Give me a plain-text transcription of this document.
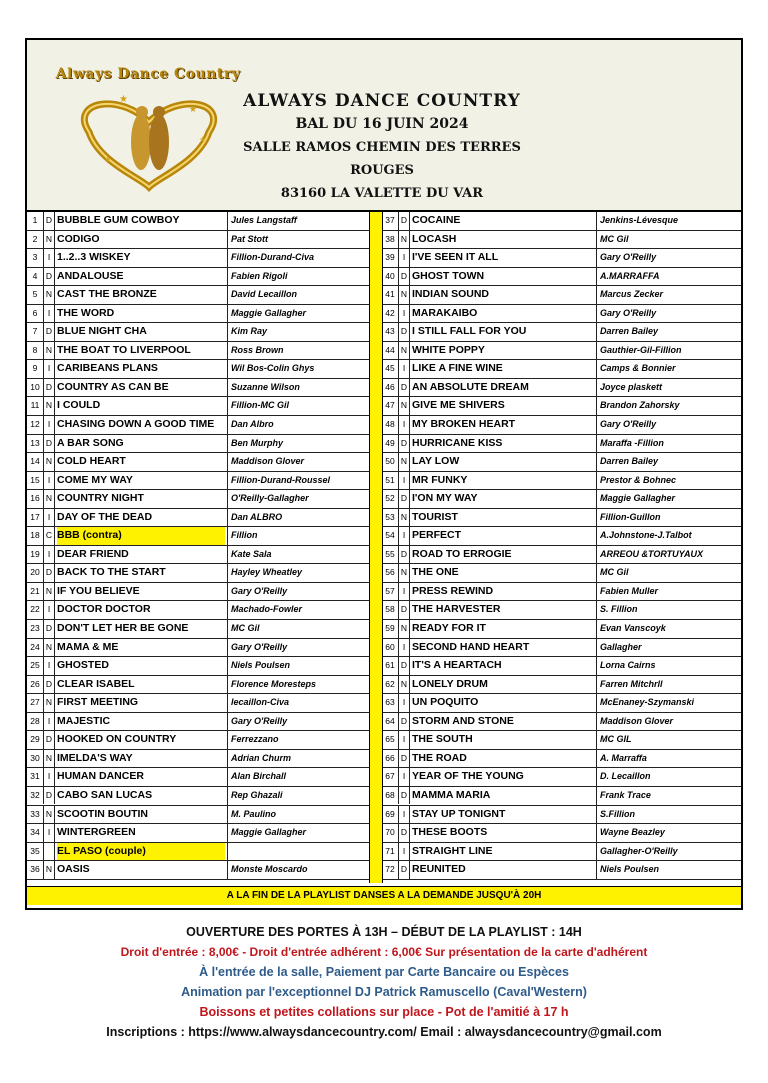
Always Dance Country
★
★
★
★
ALWAYS DANCE COUNTRY
BAL DU 16 JUIN 2024
SALLE RAMOS CHEMIN DES TERRES ROUGES
83160 LA VALETTE DU VAR
1	D BUBBLE GUM COWBOY	Jules Langstaff
2	N CODIGO	Pat Stott
3	I 1..2..3 WISKEY	Fillion-Durand-Civa
4	D ANDALOUSE	Fabien Rigoli
5	N CAST THE BRONZE	David Lecaillon
6	I THE WORD	Maggie Gallagher
7	D BLUE NIGHT CHA	Kim Ray
8	N THE BOAT TO LIVERPOOL	Ross Brown
9	I CARIBEANS PLANS	Wil Bos-Colin Ghys
10 D COUNTRY AS CAN BE	Suzanne Wilson
11 N I COULD	Fillion-MC Gil
12 I CHASING DOWN A GOOD TIME	Dan Albro
13 D A BAR SONG	Ben Murphy
14 N COLD HEART	Maddison Glover
15 I COME MY WAY	Fillion-Durand-Roussel
16 N COUNTRY NIGHT	O'Reilly-Gallagher
17 I DAY OF THE DEAD	Dan ALBRO
18 C BBB (contra)	Fillion
19 I DEAR FRIEND	Kate Sala
20 D BACK TO THE START	Hayley Wheatley
21 N IF YOU BELIEVE	Gary O'Reilly
22 I DOCTOR DOCTOR	Machado-Fowler
23 D DON'T LET HER BE GONE	MC Gil
24 N MAMA & ME	Gary O'Reilly
25 I GHOSTED	Niels Poulsen
26 D CLEAR ISABEL	Florence Moresteps
27 N FIRST MEETING	lecaillon-Civa
28 I MAJESTIC	Gary O'Reilly
29 D HOOKED ON COUNTRY	Ferrezzano
30 N IMELDA'S WAY	Adrian Churm
31 I HUMAN DANCER	Alan Birchall
32 D CABO SAN LUCAS	Rep Ghazali
33 N SCOOTIN BOUTIN	M. Paulino
34 I WINTERGREEN	Maggie Gallagher
35	EL PASO (couple)
36 N OASIS	Monste Moscardo
37 D COCAINE	Jenkins-Lévesque
38 N LOCASH	MC Gil
39 I I'VE SEEN IT ALL	Gary O'Reilly
40 D GHOST TOWN	A.MARRAFFA
41 N INDIAN SOUND	Marcus Zecker
42 I MARAKAIBO	Gary O'Reilly
43 D I STILL FALL FOR YOU	Darren Bailey
44 N WHITE POPPY	Gauthier-Gil-Fillion
45 I LIKE A FINE WINE	Camps & Bonnier
46 D AN ABSOLUTE DREAM	Joyce plaskett
47 N GIVE ME SHIVERS	Brandon Zahorsky
48 I MY BROKEN HEART	Gary O'Reilly
49 D HURRICANE KISS	Maraffa -Fillion
50 N LAY LOW	Darren Bailey
51 I MR FUNKY	Prestor & Bohnec
52 D I'ON MY WAY	Maggie Gallagher
53 N TOURIST	Fillion-Guillon
54 I PERFECT	A.Johnstone-J.Talbot
55 D ROAD TO ERROGIE	ARREOU &TORTUYAUX
56 N THE ONE	MC Gil
57 I PRESS REWIND	Fabien Muller
58 D THE HARVESTER	S. Fillion
59 N READY FOR IT	Evan Vanscoyk
60 I SECOND HAND HEART	Gallagher
61 D IT'S A HEARTACH	Lorna Cairns
62 N LONELY DRUM	Farren Mitchrll
63 I UN POQUITO	McEnaney-Szymanski
64 D STORM AND STONE	Maddison Glover
65 I THE SOUTH	MC GIL
66 D THE ROAD	A. Marraffa
67 I YEAR OF THE YOUNG	D. Lecaillon
68 D MAMMA MARIA	Frank Trace
69 I STAY UP TONIGNT	S.Fillion
70 D THESE BOOTS	Wayne Beazley
71 I STRAIGHT LINE	Gallagher-O'Reilly
72 D REUNITED	Niels Poulsen
A LA FIN DE LA PLAYLIST DANSES A LA DEMANDE JUSQU'À 20H
OUVERTURE DES PORTES À 13H – DÉBUT DE LA PLAYLIST : 14H
Droit d'entrée : 8,00€ - Droit d'entrée adhérent : 6,00€ Sur présentation de la carte d'adhérent
À l'entrée de la salle, Paiement par Carte Bancaire ou Espèces
Animation par l'exceptionnel DJ Patrick Ramuscello (Caval'Western)
Boissons et petites collations sur place - Pot de l'amitié à 17 h
Inscriptions : https://www.alwaysdancecountry.com/ Email : alwaysdancecountry@gmail.com
